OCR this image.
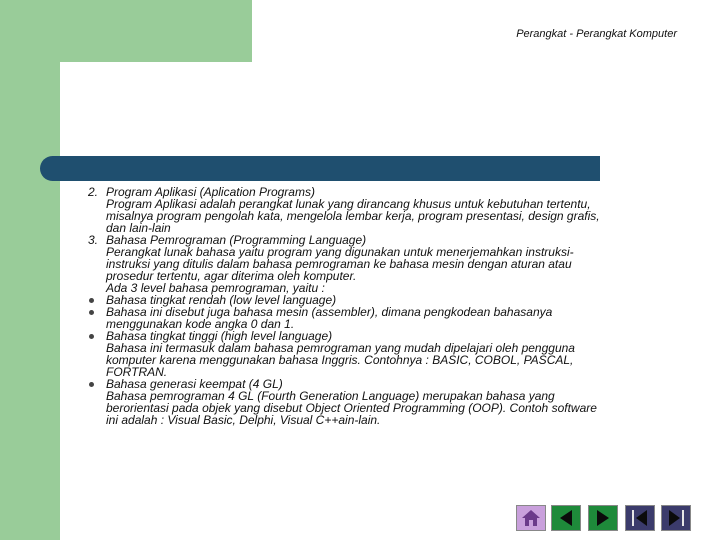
Perangkat - Perangkat Komputer
2. Program Aplikasi (Aplication Programs)
Program Aplikasi adalah perangkat lunak yang dirancang khusus untuk kebutuhan tertentu, misalnya program pengolah kata, mengelola lembar kerja, program presentasi, design grafis, dan lain-lain
3. Bahasa Pemrograman (Programming Language)
Perangkat lunak bahasa yaitu program yang digunakan untuk menerjemahkan instruksi-instruksi yang ditulis dalam bahasa pemrograman ke bahasa mesin dengan aturan atau prosedur tertentu, agar diterima oleh komputer.
Ada 3 level bahasa pemrograman, yaitu :
Bahasa tingkat rendah (low level language)
Bahasa ini disebut juga bahasa mesin (assembler), dimana pengkodean bahasanya menggunakan kode angka 0 dan 1.
Bahasa tingkat tinggi (high level language)
Bahasa ini termasuk dalam bahasa pemrograman yang mudah dipelajari oleh pengguna komputer karena menggunakan bahasa Inggris. Contohnya : BASIC, COBOL, PASCAL, FORTRAN.
Bahasa generasi keempat (4 GL)
Bahasa pemrograman 4 GL (Fourth Generation Language) merupakan bahasa yang berorientasi pada objek yang disebut Object Oriented Programming (OOP). Contoh software ini adalah : Visual Basic, Delphi, Visual C++ain-lain.
